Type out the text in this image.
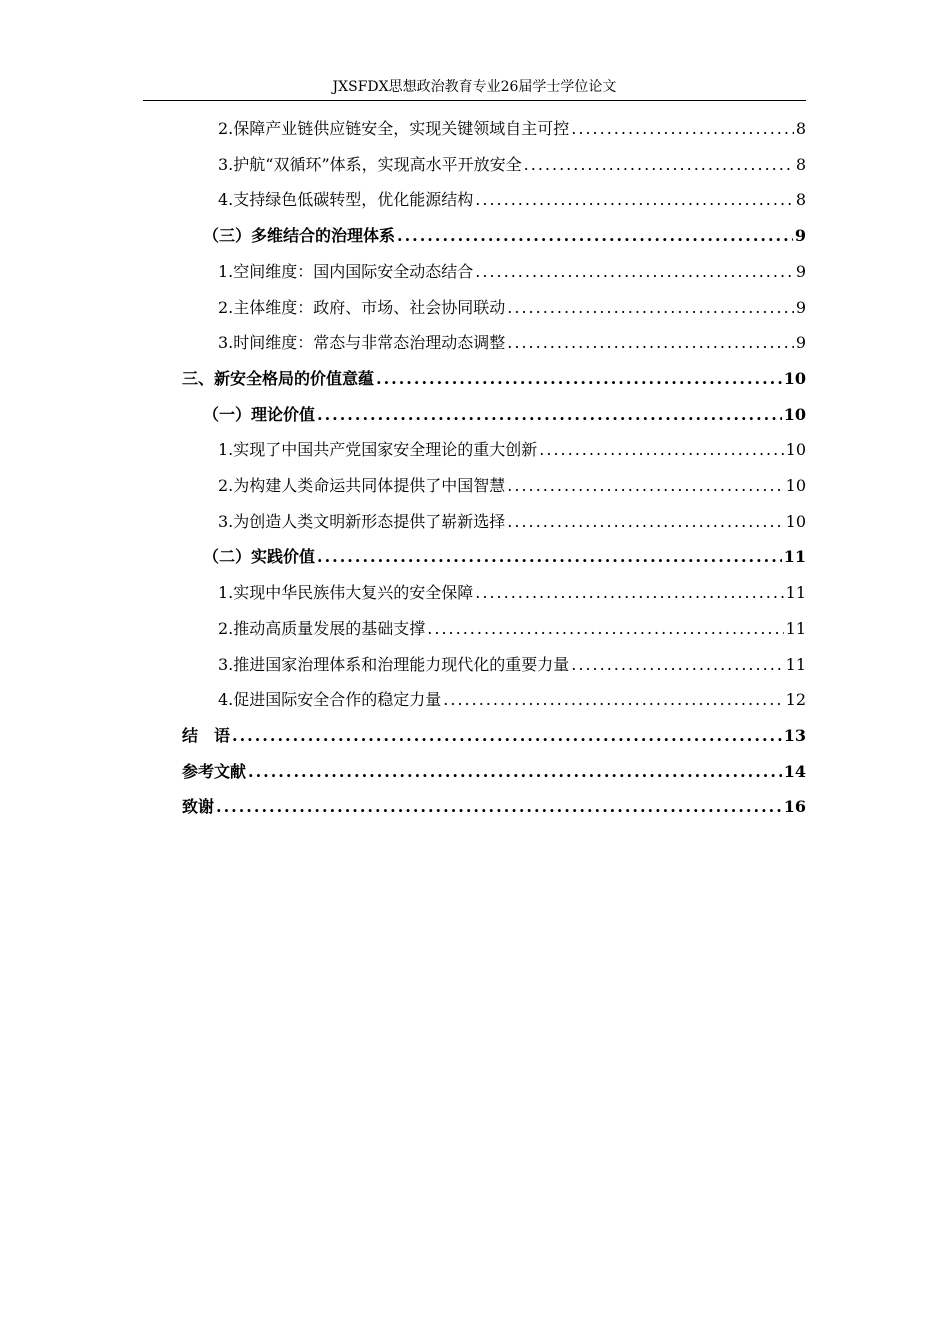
JXSFDX思想政治教育专业26届学士学位论文
2.保障产业链供应链安全，实现关键领域自主可控 .....	8
3.护航“双循环”体系，实现高水平开放安全 .....	8
4.支持绿色低碳转型，优化能源结构 .....	8
（三）多维结合的治理体系 .....	9
1.空间维度：国内国际安全动态结合 .....	9
2.主体维度：政府、市场、社会协同联动 .....	9
3.时间维度：常态与非常态治理动态调整 .....	9
三、新安全格局的价值意蕴 .....	10
（一）理论价值 .....	10
1.实现了中国共产党国家安全理论的重大创新 .....	10
2.为构建人类命运共同体提供了中国智慧 .....	10
3.为创造人类文明新形态提供了崭新选择 .....	10
（二）实践价值 .....	11
1.实现中华民族伟大复兴的安全保障 .....	11
2.推动高质量发展的基础支撑 .....	11
3.推进国家治理体系和治理能力现代化的重要力量 .....	11
4.促进国际安全合作的稳定力量 .....	12
结　语 .....	13
参考文献 .....	14
致谢 .....	16
